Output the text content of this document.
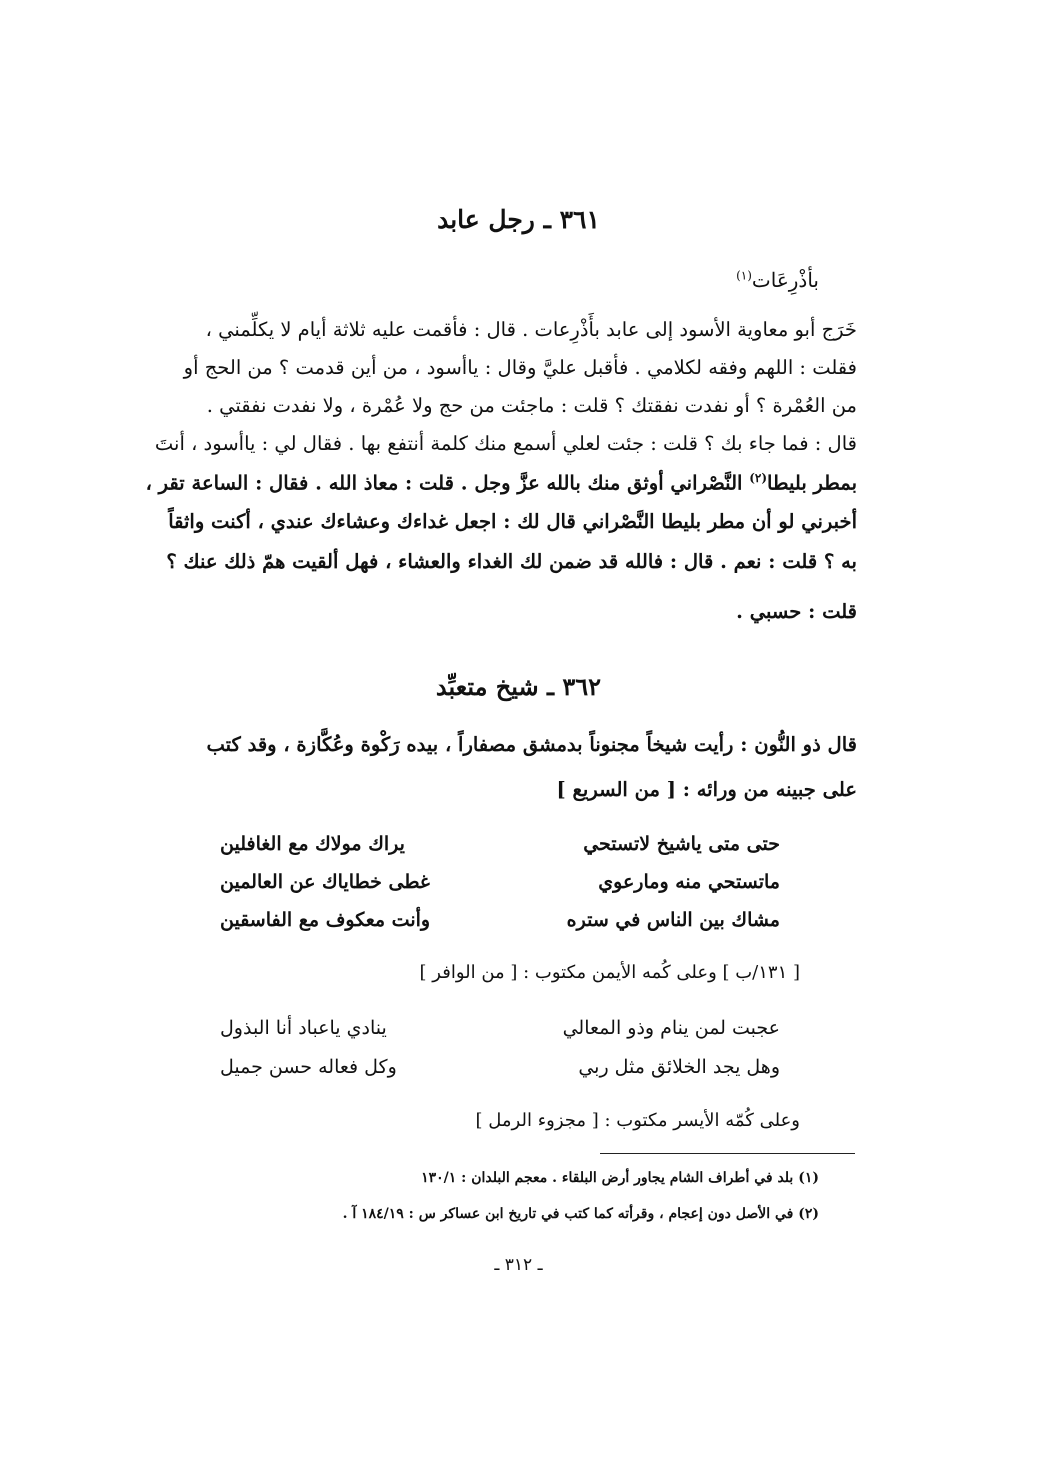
٣٦١ ـ رجل عابد
بأذْرِعَات$^{(١)}$
خَرَج أبو معاوية الأسود إلى عابد بأَذْرِعات . قال : فأقمت عليه ثلاثة أيام لا يكلِّمني ،
فقلت : اللهم وفقه لكلامي . فأقبل عليَّ وقال : ياأسود ، من أين قدمت ؟ من الحج أو
من العُمْرة ؟ أو نفدت نفقتك ؟ قلت : ماجئت من حج ولا عُمْرة ، ولا نفدت نفقتي .
قال : فما جاء بك ؟ قلت : جئت لعلي أسمع منك كلمة أنتفع بها . فقال لي : ياأسود ، أنتَ
بمطر بليطا$^{(٢)}$ النَّصْراني أوثق منك بالله عزَّ وجل . قلت : معاذ الله . فقال : الساعة تقر ،
أخبرني لو أن مطر بليطا النَّصْراني قال لك : اجعل غداءك وعشاءك عندي ، أكنت واثقاً
به ؟ قلت : نعم . قال : فالله قد ضمن لك الغداء والعشاء ، فهل ألقيت همّ ذلك عنك ؟
قلت : حسبي .
٣٦٢ ـ شيخ متعبِّد
قال ذو النُّون : رأيت شيخاً مجنوناً بدمشق مصفاراً ، بيده رَكْوة وعُكَّازة ، وقد كتب
على جبينه من ورائه : [ من السريع ]
حتى متى ياشيخ لاتستحي
يراك مولاك مع الغافلين
ماتستحي منه ومارعوي
غطى خطاياك عن العالمين
مشاك بين الناس في ستره
وأنت معكوف مع الفاسقين
[ ١٣١/ب ] وعلى كُمه الأيمن مكتوب : [ من الوافر ]
عجبت لمن ينام وذو المعالي
ينادي ياعباد أنا البذول
وهل يجد الخلائق مثل ربي
وكل فعاله حسن جميل
وعلى كُمّه الأيسر مكتوب : [ مجزوء الرمل ]
(١) بلد في أطراف الشام يجاور أرض البلقاء . معجم البلدان : ١٣٠/١
(٢) في الأصل دون إعجام ، وقرأته كما كتب في تاريخ ابن عساكر س : ١٨٤/١٩ آ .
ـ ٣١٢ ـ
